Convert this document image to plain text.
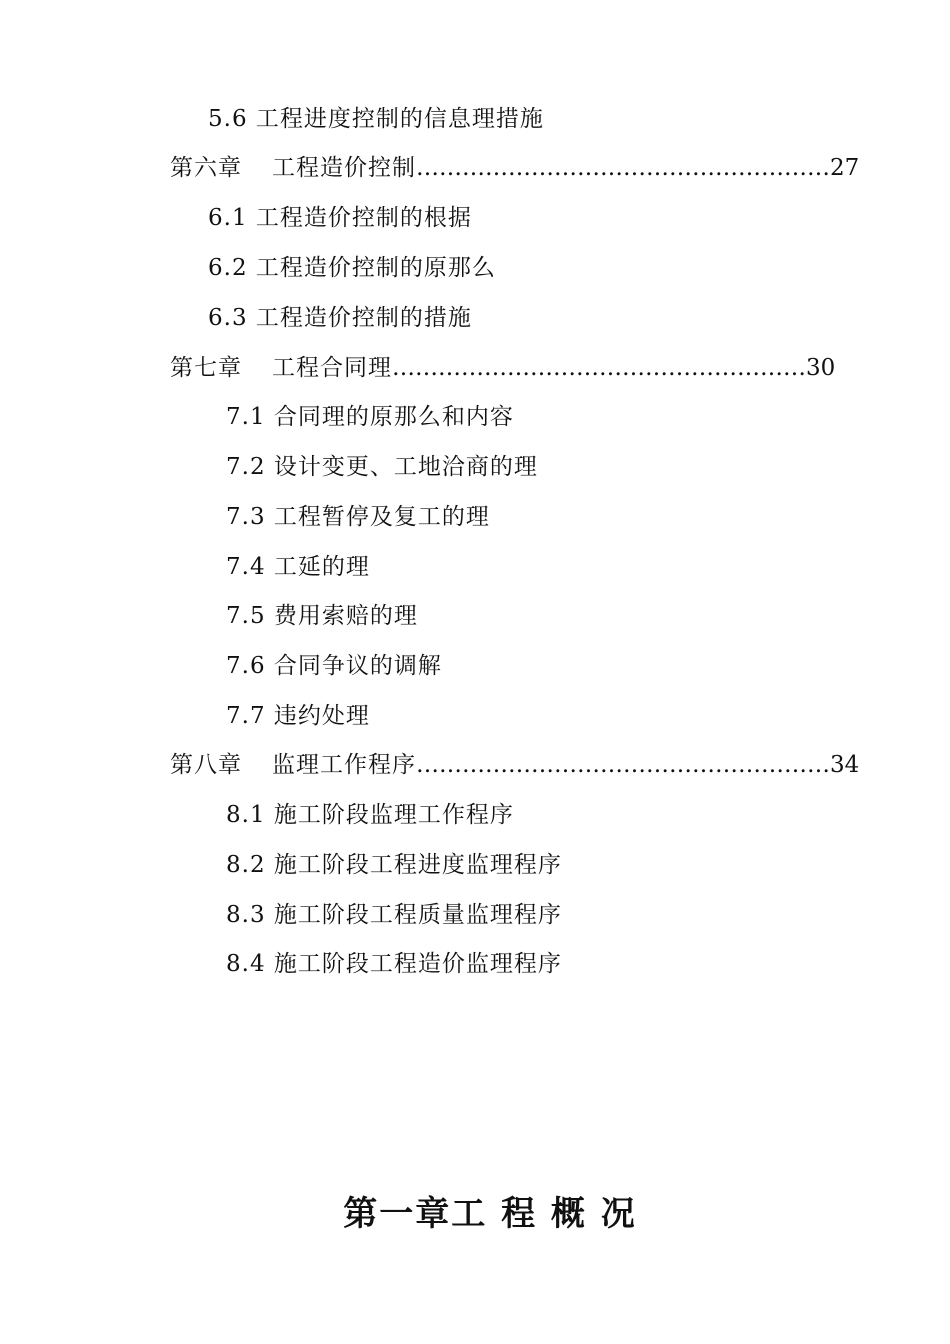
5.6 工程进度控制的信息理措施
第六章 工程造价控制………………………………………………27
6.1 工程造价控制的根据
6.2 工程造价控制的原那么
6.3 工程造价控制的措施
第七章 工程合同理………………………………………………30
7.1 合同理的原那么和内容
7.2 设计变更、工地洽商的理
7.3 工程暂停及复工的理
7.4 工延的理
7.5 费用索赔的理
7.6 合同争议的调解
7.7 违约处理
第八章 监理工作程序………………………………………………34
8.1 施工阶段监理工作程序
8.2 施工阶段工程进度监理程序
8.3 施工阶段工程质量监理程序
8.4 施工阶段工程造价监理程序
第一章工 程 概 况
